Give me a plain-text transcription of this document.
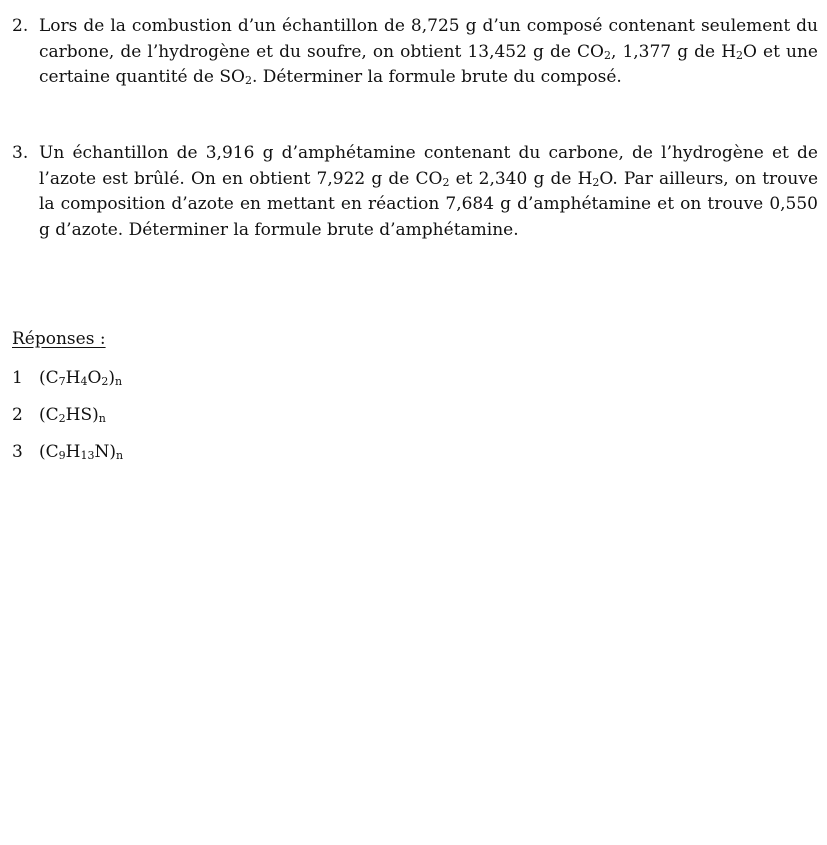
2. Lors de la combustion d’un échantillon de 8,725 g d’un composé contenant seulement du carbone, de l’hydrogène et du soufre, on obtient 13,452 g de $CO_2$, 1,377 g de $H_2O$ et une certaine quantité de $SO_2$. Déterminer la formule brute du composé.
3. Un échantillon de 3,916 g d’amphétamine contenant du carbone, de l’hydrogène et de l’azote est brûlé. On en obtient 7,922 g de $CO_2$ et 2,340 g de $H_2O$. Par ailleurs, on trouve la composition d’azote en mettant en réaction 7,684 g d’amphétamine et on trouve 0,550 g d’azote. Déterminer la formule brute d’amphétamine.
Réponses :
1 $(C_7H_4O_2)_n$
2 $(C_2HS)_n$
3 $(C_9H_{13}N)_n$
